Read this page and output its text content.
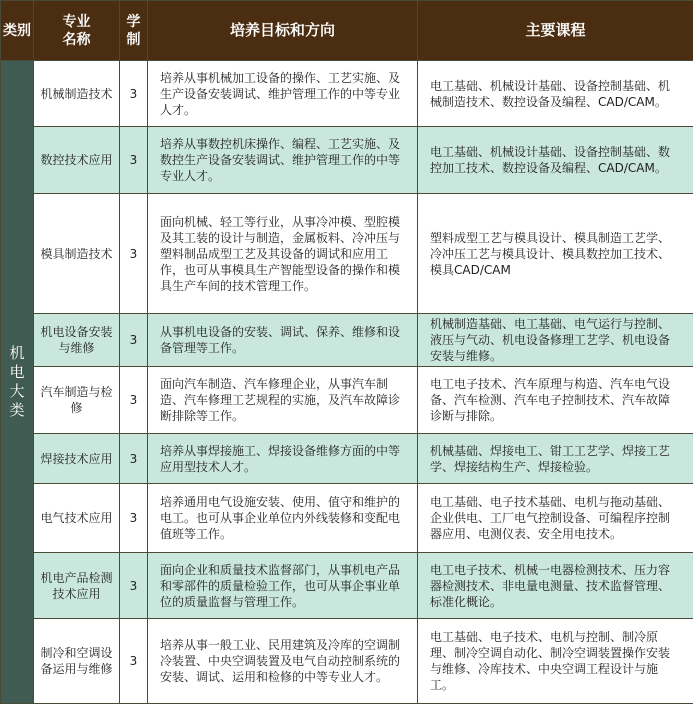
类别	专业名称	学制	培养目标和方向	主要课程

机电大类	机械制造技术	3	培养从事机械加工设备的操作、工艺实施、及生产设备安装调试、维护管理工作的中等专业人才。	电工基础、机械设计基础、设备控制基础、机械制造技术、数控设备及编程、CAD/CAM。
	数控技术应用	3	培养从事数控机床操作、编程、工艺实施、及数控生产设备安装调试、维护管理工作的中等专业人才。	电工基础、机械设计基础、设备控制基础、数控加工技术、数控设备及编程、CAD/CAM。
	模具制造技术	3	面向机械、轻工等行业，从事冷冲模、型腔模及其工装的设计与制造，金属板料、冷冲压与塑料制品成型工艺及其设备的调试和应用工作，也可从事模具生产智能型设备的操作和模具生产车间的技术管理工作。	塑料成型工艺与模具设计、模具制造工艺学、冷冲压工艺与模具设计、模具数控加工技术、模具CAD/CAM
	机电设备安装与维修	3	从事机电设备的安装、调试、保养、维修和设备管理等工作。	机械制造基础、电工基础、电气运行与控制、液压与气动、机电设备修理工艺学、机电设备安装与维修。
	汽车制造与检修	3	面向汽车制造、汽车修理企业，从事汽车制造、汽车修理工艺规程的实施，及汽车故障诊断排除等工作。	电工电子技术、汽车原理与构造、汽车电气设备、汽车检测、汽车电子控制技术、汽车故障诊断与排除。
	焊接技术应用	3	培养从事焊接施工、焊接设备维修方面的中等应用型技术人才。	机械基础、焊接电工、钳工工艺学、焊接工艺学、焊接结构生产、焊接检验。
	电气技术应用	3	培养通用电气设施安装、使用、值守和维护的电工。也可从事企业单位内外线装修和变配电值班等工作。	电工基础、电子技术基础、电机与拖动基础、企业供电、工厂电气控制设备、可编程序控制器应用、电测仪表、安全用电技术。
	机电产品检测技术应用	3	面向企业和质量技术监督部门，从事机电产品和零部件的质量检验工作，也可从事企事业单位的质量监督与管理工作。	电工电子技术、机械一电器检测技术、压力容器检测技术、非电量电测量、技术监督管理、标准化概论。
	制冷和空调设备运用与维修	3	培养从事一般工业、民用建筑及冷库的空调制冷装置、中央空调装置及电气自动控制系统的安装、调试、运用和检修的中等专业人才。	电工基础、电子技术、电机与控制、制冷原理、制冷空调自动化、制冷空调装置操作安装与维修、冷库技术、中央空调工程设计与施工。
